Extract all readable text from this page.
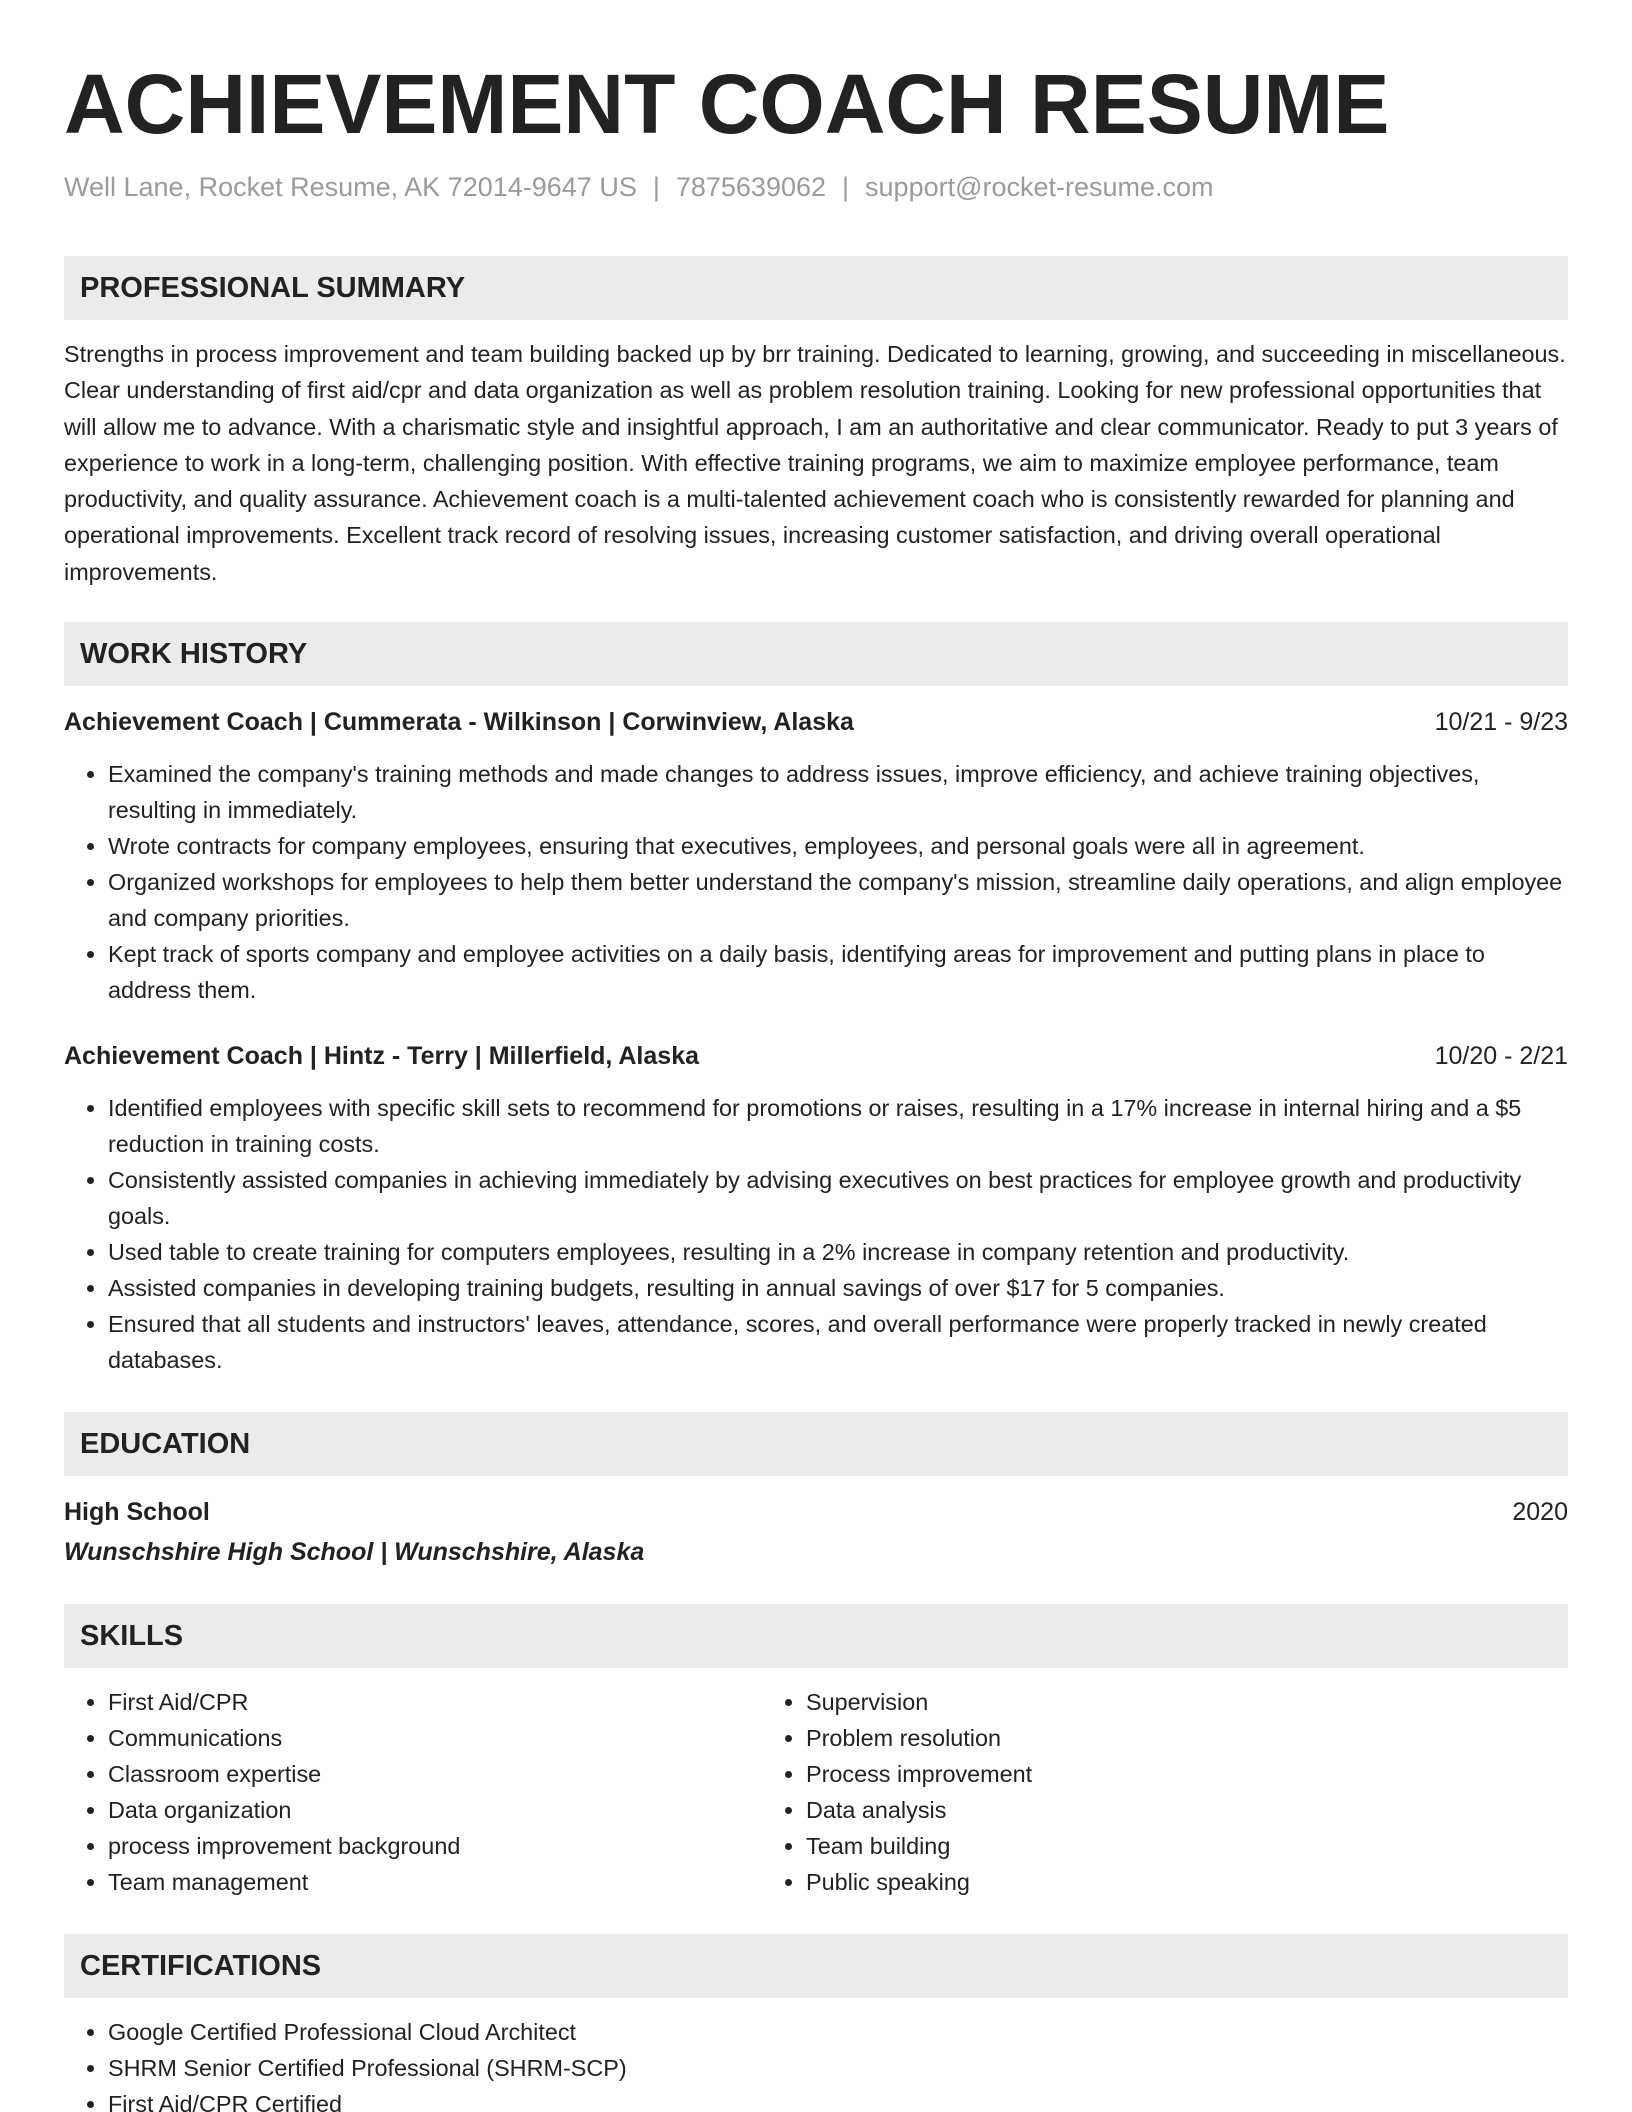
ACHIEVEMENT COACH RESUME
Well Lane, Rocket Resume, AK 72014-9647 US | 7875639062 | support@rocket-resume.com
PROFESSIONAL SUMMARY

Strengths in process improvement and team building backed up by brr training. Dedicated to learning, growing, and succeeding in miscellaneous. Clear understanding of first aid/cpr and data organization as well as problem resolution training. Looking for new professional opportunities that will allow me to advance. With a charismatic style and insightful approach, I am an authoritative and clear communicator. Ready to put 3 years of experience to work in a long-term, challenging position. With effective training programs, we aim to maximize employee performance, team productivity, and quality assurance. Achievement coach is a multi-talented achievement coach who is consistently rewarded for planning and operational improvements. Excellent track record of resolving issues, increasing customer satisfaction, and driving overall operational improvements.

WORK HISTORY
Achievement Coach | Cummerata - Wilkinson | Corwinview, Alaska	10/21 - 9/23
• Examined the company's training methods and made changes to address issues, improve efficiency, and achieve training objectives, resulting in immediately.
• Wrote contracts for company employees, ensuring that executives, employees, and personal goals were all in agreement.
• Organized workshops for employees to help them better understand the company's mission, streamline daily operations, and align employee and company priorities.
• Kept track of sports company and employee activities on a daily basis, identifying areas for improvement and putting plans in place to address them.
Achievement Coach | Hintz - Terry | Millerfield, Alaska	10/20 - 2/21
• Identified employees with specific skill sets to recommend for promotions or raises, resulting in a 17% increase in internal hiring and a $5 reduction in training costs.
• Consistently assisted companies in achieving immediately by advising executives on best practices for employee growth and productivity goals.
• Used table to create training for computers employees, resulting in a 2% increase in company retention and productivity.
• Assisted companies in developing training budgets, resulting in annual savings of over $17 for 5 companies.
• Ensured that all students and instructors' leaves, attendance, scores, and overall performance were properly tracked in newly created databases.
EDUCATION
High School	2020
Wunschshire High School | Wunschshire, Alaska
SKILLS
• First Aid/CPR
• Communications
• Classroom expertise
• Data organization
• process improvement background
• Team management
• Supervision
• Problem resolution
• Process improvement
• Data analysis
• Team building
• Public speaking
CERTIFICATIONS
• Google Certified Professional Cloud Architect
• SHRM Senior Certified Professional (SHRM-SCP)
• First Aid/CPR Certified
